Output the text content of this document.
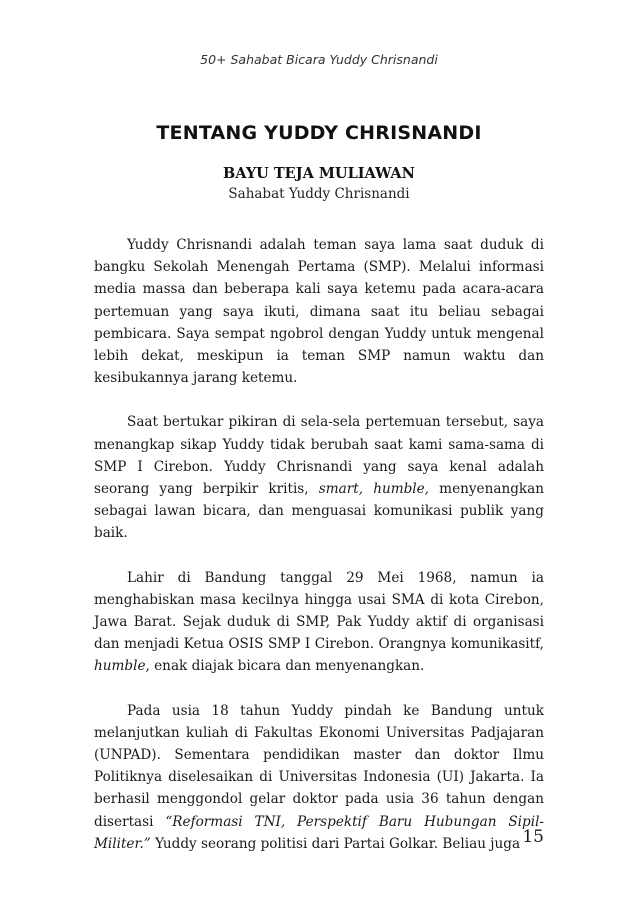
50+ Sahabat Bicara Yuddy Chrisnandi

TENTANG YUDDY CHRISNANDI
BAYU TEJA MULIAWAN

Sahabat Yuddy Chrisnandi

Yuddy Chrisnandi adalah teman saya lama saat duduk di bangku Sekolah Menengah Pertama (SMP). Melalui informasi media massa dan beberapa kali saya ketemu pada acara-acara pertemuan yang saya ikuti, dimana saat itu beliau sebagai pembicara. Saya sempat ngobrol dengan Yuddy untuk mengenal lebih dekat, meskipun ia teman SMP namun waktu dan kesibukannya jarang ketemu.

Saat bertukar pikiran di sela-sela pertemuan tersebut, saya menangkap sikap Yuddy tidak berubah saat kami sama-sama di SMP I Cirebon. Yuddy Chrisnandi yang saya kenal adalah seorang yang berpikir kritis, smart, humble, menyenangkan sebagai lawan bicara, dan menguasai komunikasi publik yang baik.

Lahir di Bandung tanggal 29 Mei 1968, namun ia menghabiskan masa kecilnya hingga usai SMA di kota Cirebon, Jawa Barat. Sejak duduk di SMP, Pak Yuddy aktif di organisasi dan menjadi Ketua OSIS SMP I Cirebon. Orangnya komunikasitf, humble, enak diajak bicara dan menyenangkan.

Pada usia 18 tahun Yuddy pindah ke Bandung untuk melanjutkan kuliah di Fakultas Ekonomi Universitas Padjajaran (UNPAD). Sementara pendidikan master dan doktor Ilmu Politiknya diselesaikan di Universitas Indonesia (UI) Jakarta. Ia berhasil menggondol gelar doktor pada usia 36 tahun dengan disertasi “Reformasi TNI, Perspektif Baru Hubungan Sipil-Militer.” Yuddy seorang politisi dari Partai Golkar. Beliau juga 15
